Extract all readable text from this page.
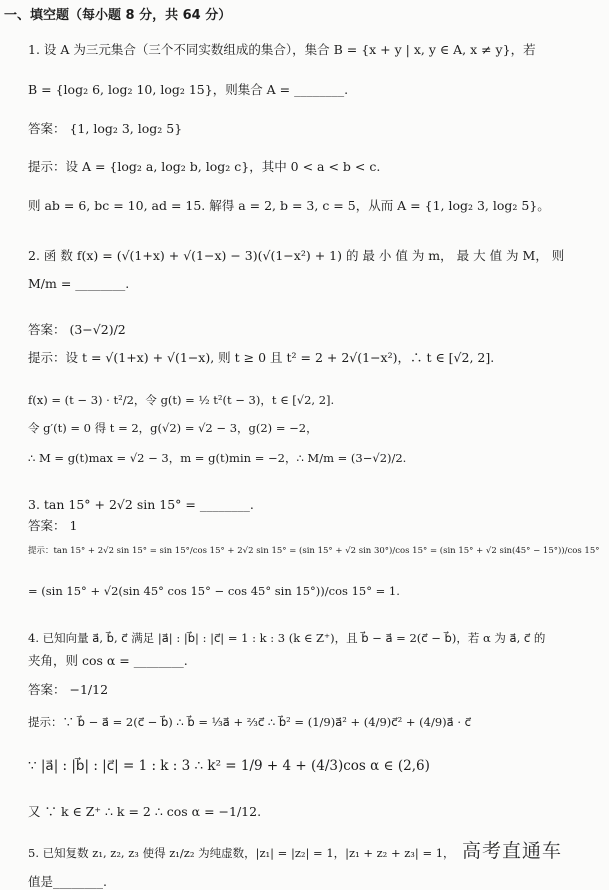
一、填空题（每小题 8 分，共 64 分）
1. 设 A 为三元集合（三个不同实数组成的集合），集合 B = {x + y | x, y ∈ A, x ≠ y}，若
B = {log₂ 6, log₂ 10, log₂ 15}，则集合 A = ________.
答案： {1, log₂ 3, log₂ 5}
提示：设 A = {log₂ a, log₂ b, log₂ c}，其中 0 < a < b < c.
则 ab = 6, bc = 10, ad = 15. 解得 a = 2, b = 3, c = 5，从而 A = {1, log₂ 3, log₂ 5}。
2. 函 数 f(x) = (√(1+x) + √(1−x) − 3)(√(1−x²) + 1) 的 最 小 值 为 m， 最 大 值 为 M， 则
M/m = ________.
答案： (3−√2)/2
提示：设 t = √(1+x) + √(1−x), 则 t ≥ 0 且 t² = 2 + 2√(1−x²)，∴ t ∈ [√2, 2].
f(x) = (t − 3) · t²/2，令 g(t) = ½ t²(t − 3)，t ∈ [√2, 2].
令 g′(t) = 0 得 t = 2，g(√2) = √2 − 3，g(2) = −2，
∴ M = g(t)max = √2 − 3，m = g(t)min = −2，∴ M/m = (3−√2)/2.
3. tan 15° + 2√2 sin 15° = ________.
答案： 1
提示：tan 15° + 2√2 sin 15° = sin 15°/cos 15° + 2√2 sin 15° = (sin 15° + √2 sin 30°)/cos 15° = (sin 15° + √2 sin(45° − 15°))/cos 15°
= (sin 15° + √2(sin 45° cos 15° − cos 45° sin 15°))/cos 15° = 1.
4. 已知向量 a⃗, b⃗, c⃗ 满足 |a⃗| : |b⃗| : |c⃗| = 1 : k : 3 (k ∈ Z⁺)，且 b⃗ − a⃗ = 2(c⃗ − b⃗)，若 α 为 a⃗, c⃗ 的
夹角，则 cos α = ________.
答案： −1/12
提示：∵ b⃗ − a⃗ = 2(c⃗ − b⃗) ∴ b⃗ = ⅓a⃗ + ⅔c⃗ ∴ b⃗² = (1/9)a⃗² + (4/9)c⃗² + (4/9)a⃗ · c⃗
∵ |a⃗| : |b⃗| : |c⃗| = 1 : k : 3 ∴ k² = 1/9 + 4 + (4/3)cos α ∈ (2,6)
又 ∵ k ∈ Z⁺ ∴ k = 2 ∴ cos α = −1/12.
5. 已知复数 z₁, z₂, z₃ 使得 z₁/z₂ 为纯虚数，|z₁| = |z₂| = 1，|z₁ + z₂ + z₃| = 1，
值是________.
高考直通车
